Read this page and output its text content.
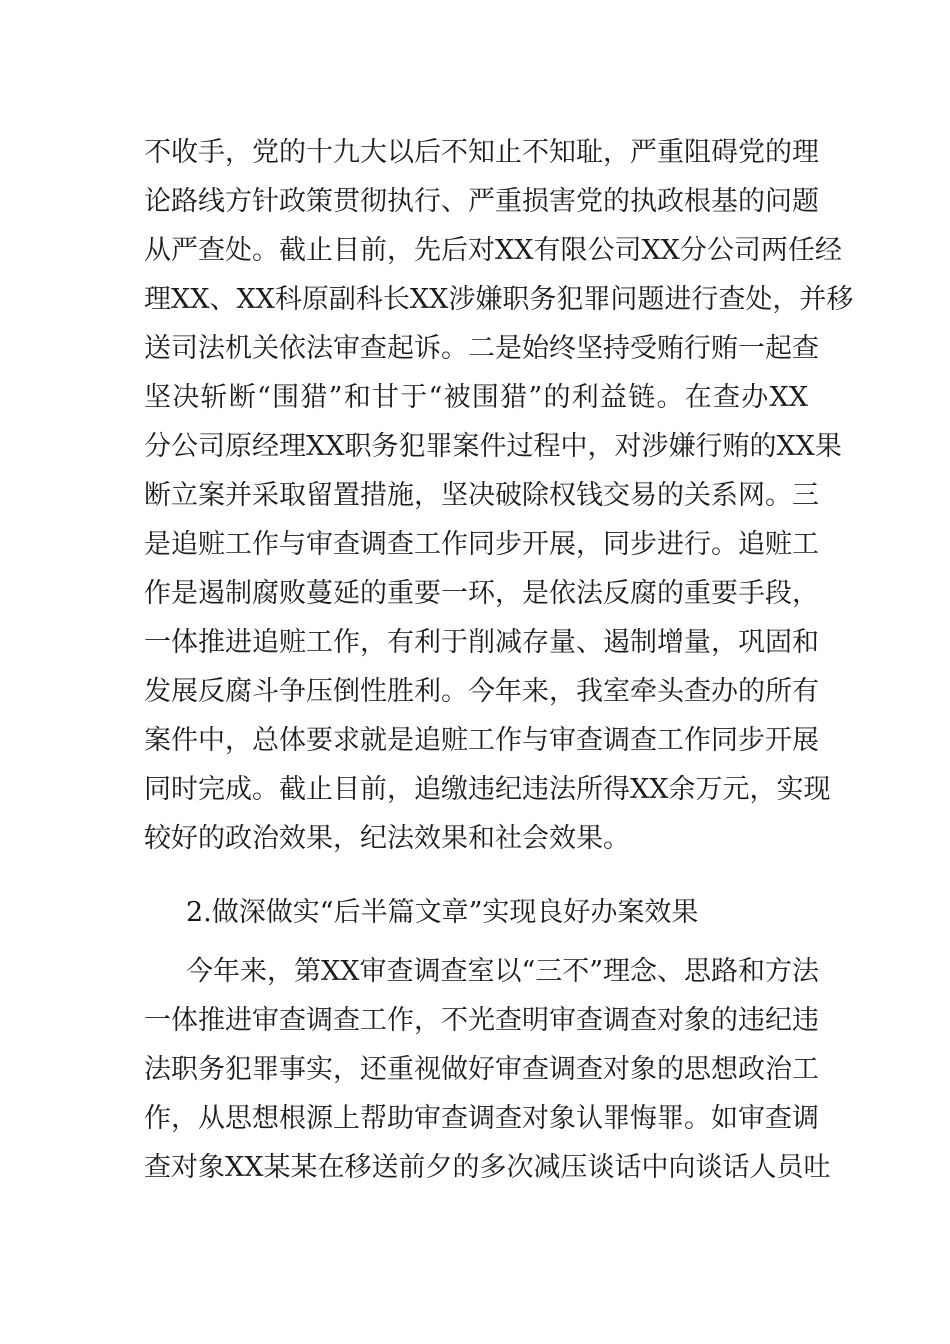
不收手，党的十九大以后不知止不知耻，严重阻碍党的理
论路线方针政策贯彻执行、严重损害党的执政根基的问题
从严查处。截止目前，先后对XX有限公司XX分公司两任经
理XX、XX科原副科长XX涉嫌职务犯罪问题进行查处，并移
送司法机关依法审查起诉。二是始终坚持受贿行贿一起查
坚决斩断“围猎”和甘于“被围猎”的利益链。在查办XX
分公司原经理XX职务犯罪案件过程中，对涉嫌行贿的XX果
断立案并采取留置措施，坚决破除权钱交易的关系网。三
是追赃工作与审查调查工作同步开展，同步进行。追赃工
作是遏制腐败蔓延的重要一环，是依法反腐的重要手段，
一体推进追赃工作，有利于削减存量、遏制增量，巩固和
发展反腐斗争压倒性胜利。今年来，我室牵头查办的所有
案件中，总体要求就是追赃工作与审查调查工作同步开展
同时完成。截止目前，追缴违纪违法所得XX余万元，实现
较好的政治效果，纪法效果和社会效果。
2.做深做实“后半篇文章”实现良好办案效果
今年来，第XX审查调查室以“三不”理念、思路和方法
一体推进审查调查工作，不光查明审查调查对象的违纪违
法职务犯罪事实，还重视做好审查调查对象的思想政治工
作，从思想根源上帮助审查调查对象认罪悔罪。如审查调
查对象XX某某在移送前夕的多次减压谈话中向谈话人员吐
